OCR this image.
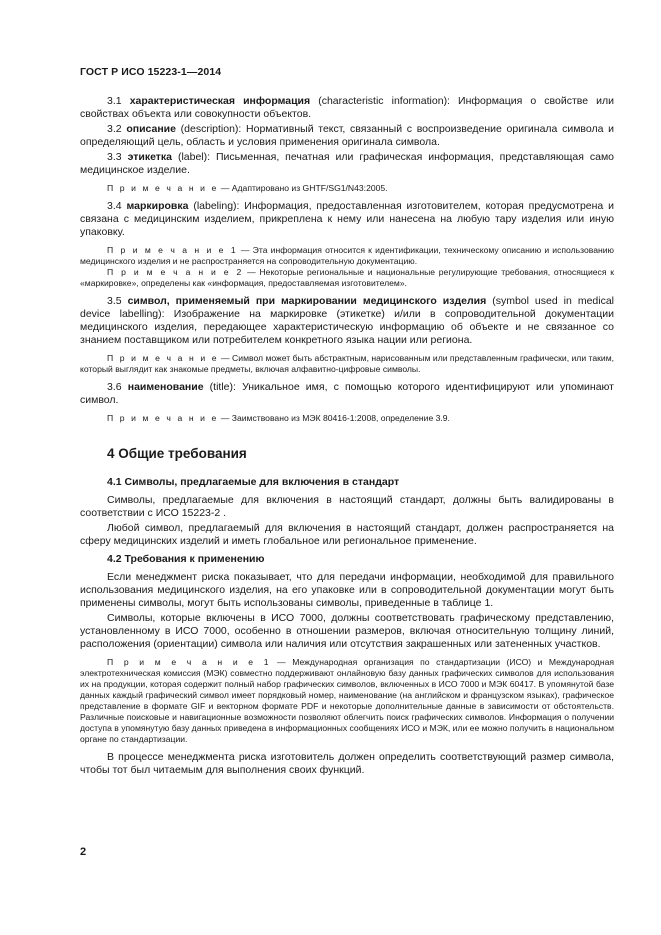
ГОСТ Р ИСО 15223-1—2014

3.1 характеристическая информация (characteristic information): Информация о свойстве или свойствах объекта или совокупности объектов.

3.2 описание (description): Нормативный текст, связанный с воспроизведение оригинала символа и определяющий цель, область и условия применения оригинала символа.

3.3 этикетка (label): Письменная, печатная или графическая информация, представляющая само медицинское изделие.

П р и м е ч а н и е — Адаптировано из GHTF/SG1/N43:2005.

3.4 маркировка (labeling): Информация, предоставленная изготовителем, которая предусмотрена и связана с медицинским изделием, прикреплена к нему или нанесена на любую тару изделия или иную упаковку.

П р и м е ч а н и е 1 — Эта информация относится к идентификации, техническому описанию и использованию медицинского изделия и не распространяется на сопроводительную документацию.

П р и м е ч а н и е 2 — Некоторые региональные и национальные регулирующие требования, относящиеся к «маркировке», определены как «информация, предоставляемая изготовителем».

3.5 символ, применяемый при маркировании медицинского изделия (symbol used in medical device labelling): Изображение на маркировке (этикетке) и/или в сопроводительной документации медицинского изделия, передающее характеристическую информацию об объекте и не связанное со знанием поставщиком или потребителем конкретного языка нации или региона.

П р и м е ч а н и е — Символ может быть абстрактным, нарисованным или представленным графически, или таким, который выглядит как знакомые предметы, включая алфавитно-цифровые символы.

3.6 наименование (title): Уникальное имя, с помощью которого идентифицируют или упоминают символ.

П р и м е ч а н и е — Заимствовано из МЭК 80416-1:2008, определение 3.9.

4 Общие требования
4.1 Символы, предлагаемые для включения в стандарт

Символы, предлагаемые для включения в настоящий стандарт, должны быть валидированы в соответствии с ИСО 15223-2 .

Любой символ, предлагаемый для включения в настоящий стандарт, должен распространяется на сферу медицинских изделий и иметь глобальное или региональное применение.

4.2 Требования к применению

Если менеджмент риска показывает, что для передачи информации, необходимой для правильного использования медицинского изделия, на его упаковке или в сопроводительной документации могут быть применены символы, могут быть использованы символы, приведенные в таблице 1.

Символы, которые включены в ИСО 7000, должны соответствовать графическому представлению, установленному в ИСО 7000, особенно в отношении размеров, включая относительную толщину линий, расположения (ориентации) символа или наличия или отсутствия закрашенных или затененных участков.

П р и м е ч а н и е 1 — Международная организация по стандартизации (ИСО) и Международная электротехническая комиссия (МЭК) совместно поддерживают онлайновую базу данных графических символов для использования их на продукции, которая содержит полный набор графических символов, включенных в ИСО 7000 и МЭК 60417. В упомянутой базе данных каждый графический символ имеет порядковый номер, наименование (на английском и французском языках), графическое представление в формате GIF и векторном формате PDF и некоторые дополнительные данные в зависимости от обстоятельств. Различные поисковые и навигационные возможности позволяют облегчить поиск графических символов. Информация о получении доступа в упомянутую базу данных приведена в информационных сообщениях ИСО и МЭК, или ее можно получить в национальном органе по стандартизации.

В процессе менеджмента риска изготовитель должен определить соответствующий размер символа, чтобы тот был читаемым для выполнения своих функций.

2
